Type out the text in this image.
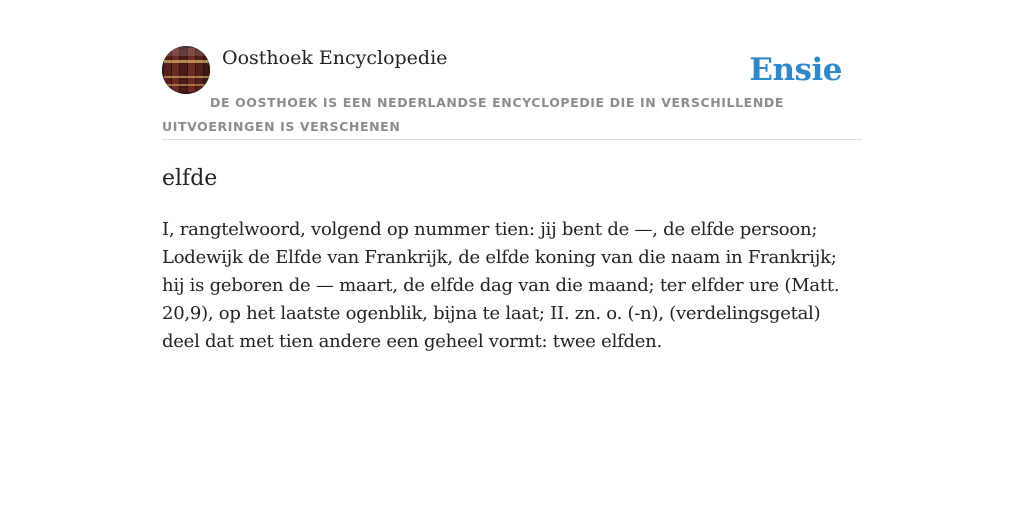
Oosthoek Encyclopedie	Ensie
DE OOSTHOEK IS EEN NEDERLANDSE ENCYCLOPEDIE DIE IN VERSCHILLENDE UITVOERINGEN IS VERSCHENEN
elfde

I, rangtelwoord, volgend op nummer tien: jij bent de —, de elfde persoon; Lodewijk de Elfde van Frankrijk, de elfde koning van die naam in Frankrijk; hij is geboren de — maart, de elfde dag van die maand; ter elfder ure (Matt. 20,9), op het laatste ogenblik, bijna te laat; II. zn. o. (-n), (verdelingsgetal) deel dat met tien andere een geheel vormt: twee elfden.
